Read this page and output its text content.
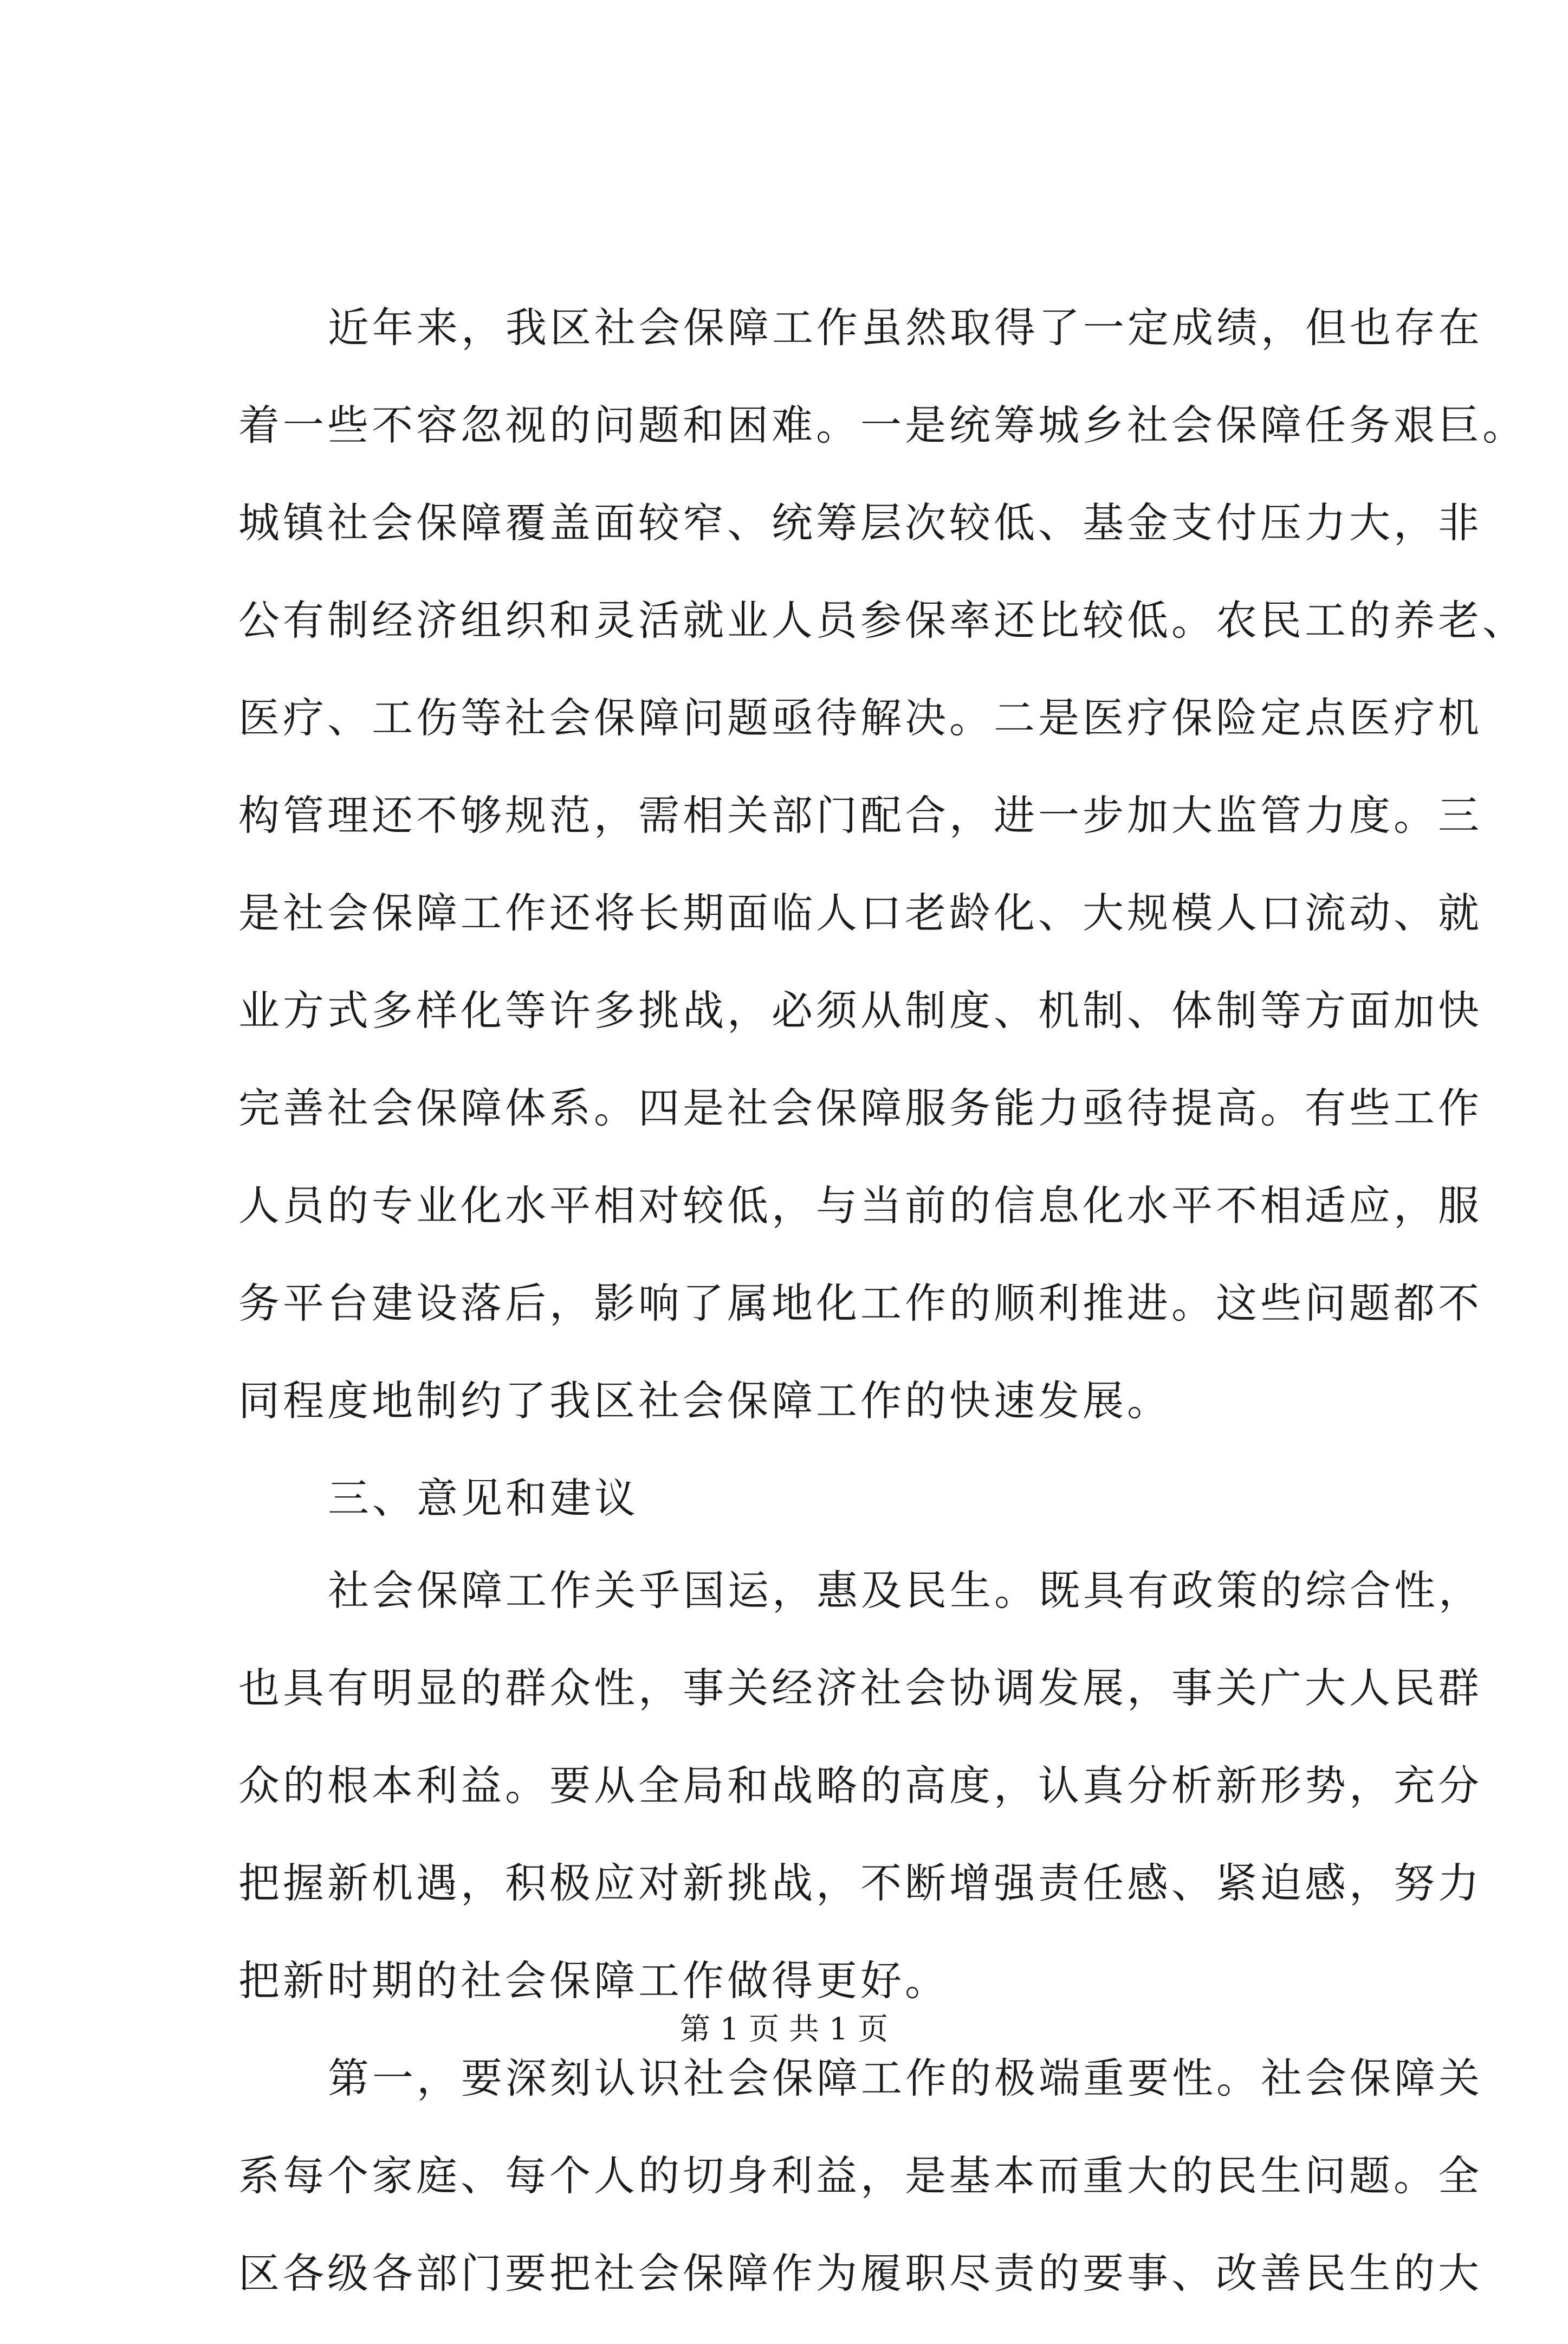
近年来，我区社会保障工作虽然取得了一定成绩，但也存在
着一些不容忽视的问题和困难。一是统筹城乡社会保障任务艰巨。
城镇社会保障覆盖面较窄、统筹层次较低、基金支付压力大，非
公有制经济组织和灵活就业人员参保率还比较低。农民工的养老、
医疗、工伤等社会保障问题亟待解决。二是医疗保险定点医疗机
构管理还不够规范，需相关部门配合，进一步加大监管力度。三
是社会保障工作还将长期面临人口老龄化、大规模人口流动、就
业方式多样化等许多挑战，必须从制度、机制、体制等方面加快
完善社会保障体系。四是社会保障服务能力亟待提高。有些工作
人员的专业化水平相对较低，与当前的信息化水平不相适应，服
务平台建设落后，影响了属地化工作的顺利推进。这些问题都不
同程度地制约了我区社会保障工作的快速发展。
三、意见和建议
社会保障工作关乎国运，惠及民生。既具有政策的综合性，
也具有明显的群众性，事关经济社会协调发展，事关广大人民群
众的根本利益。要从全局和战略的高度，认真分析新形势，充分
把握新机遇，积极应对新挑战，不断增强责任感、紧迫感，努力
把新时期的社会保障工作做得更好。
第一，要深刻认识社会保障工作的极端重要性。社会保障关
系每个家庭、每个人的切身利益，是基本而重大的民生问题。全
区各级各部门要把社会保障作为履职尽责的要事、改善民生的大
第 1 页 共 1 页
